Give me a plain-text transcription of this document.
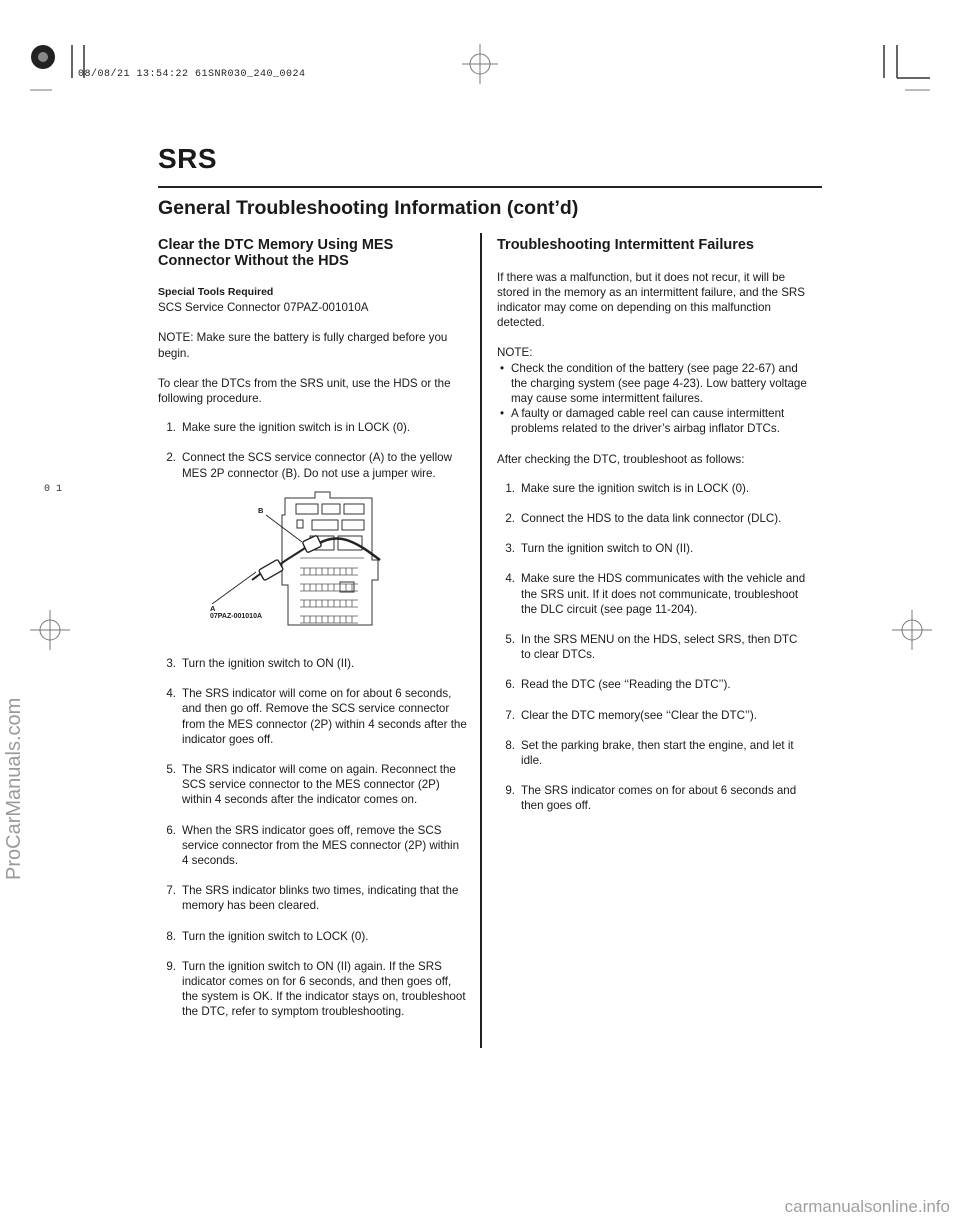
08/08/21 13:54:22 61SNR030_240_0024
SRS
General Troubleshooting Information (cont’d)
Clear the DTC Memory Using MES
Connector Without the HDS
Special Tools Required

SCS Service Connector 07PAZ-001010A

NOTE: Make sure the battery is fully charged before you begin.

To clear the DTCs from the SRS unit, use the HDS or the following procedure.

1. Make sure the ignition switch is in LOCK (0).
2. Connect the SCS service connector (A) to the yellow MES 2P connector (B). Do not use a jumper wire.
B
A
07PAZ-001010A
3. Turn the ignition switch to ON (II).
4. The SRS indicator will come on for about 6 seconds, and then go off. Remove the SCS service connector from the MES connector (2P) within 4 seconds after the indicator goes off.
5. The SRS indicator will come on again. Reconnect the SCS service connector to the MES connector (2P) within 4 seconds after the indicator comes on.
6. When the SRS indicator goes off, remove the SCS service connector from the MES connector (2P) within 4 seconds.
7. The SRS indicator blinks two times, indicating that the memory has been cleared.
8. Turn the ignition switch to LOCK (0).
9. Turn the ignition switch to ON (II) again. If the SRS indicator comes on for 6 seconds, and then goes off, the system is OK. If the indicator stays on, troubleshoot the DTC, refer to symptom troubleshooting.
Troubleshooting Intermittent Failures

If there was a malfunction, but it does not recur, it will be stored in the memory as an intermittent failure, and the SRS indicator may come on depending on this malfunction detected.

NOTE:

• Check the condition of the battery (see page 22-67) and the charging system (see page 4-23). Low battery voltage may cause some intermittent failures.
• A faulty or damaged cable reel can cause intermittent problems related to the driver’s airbag inflator DTCs.

After checking the DTC, troubleshoot as follows:

1. Make sure the ignition switch is in LOCK (0).
2. Connect the HDS to the data link connector (DLC).
3. Turn the ignition switch to ON (II).
4. Make sure the HDS communicates with the vehicle and the SRS unit. If it does not communicate, troubleshoot the DLC circuit (see page 11-204).
5. In the SRS MENU on the HDS, select SRS, then DTC to clear DTCs.
6. Read the DTC (see ‘‘Reading the DTC’’).
7. Clear the DTC memory(see ‘‘Clear the DTC’’).
8. Set the parking brake, then start the engine, and let it idle.
9. The SRS indicator comes on for about 6 seconds and then goes off.
01
ProCarManuals.com
carmanualsonline.info
